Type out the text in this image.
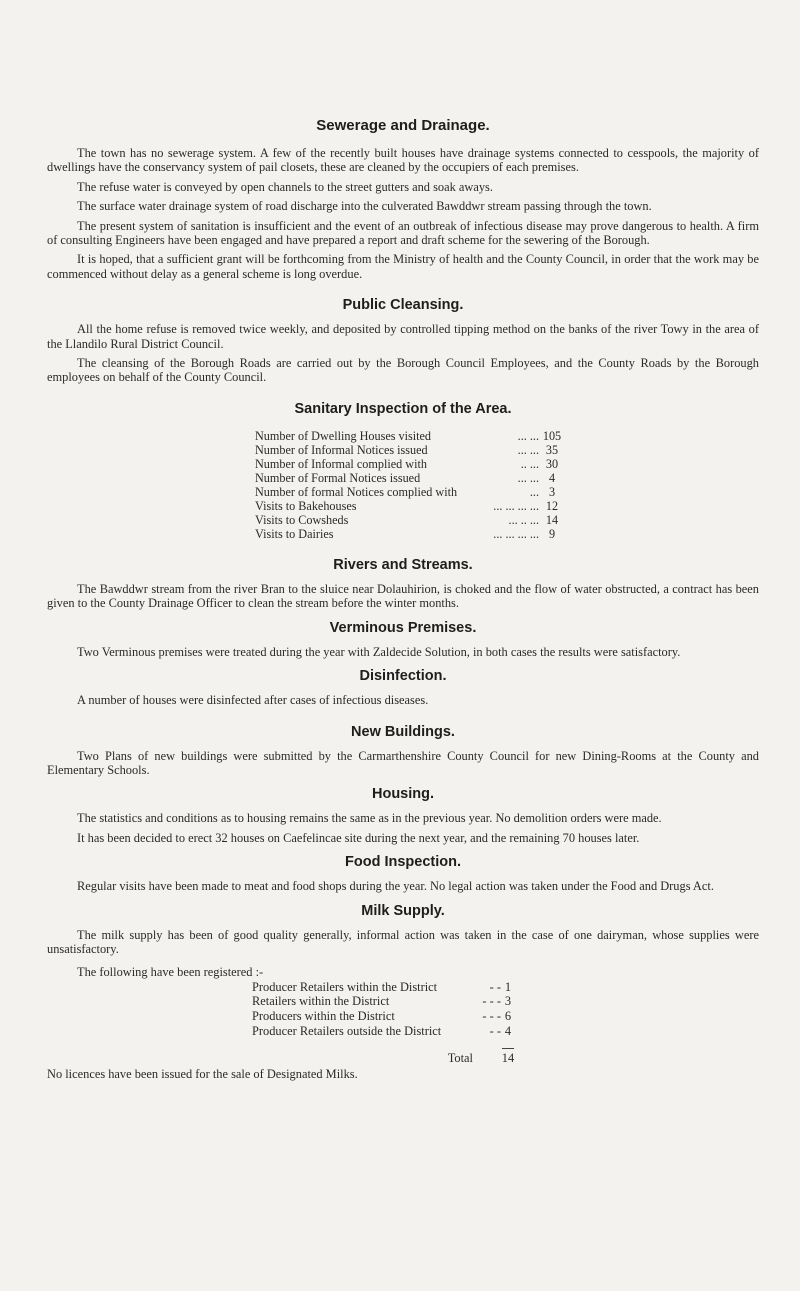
Sewerage and Drainage.

The town has no sewerage system. A few of the recently built houses have drainage systems connected to cesspools, the majority of dwellings have the conservancy system of pail closets, these are cleaned by the occupiers of each premises.

The refuse water is conveyed by open channels to the street gutters and soak aways.

The surface water drainage system of road discharge into the culverated Bawddwr stream passing through the town.

The present system of sanitation is insufficient and the event of an outbreak of infectious disease may prove dangerous to health. A firm of consulting Engineers have been engaged and have prepared a report and draft scheme for the sewering of the Borough.

It is hoped, that a sufficient grant will be forthcoming from the Ministry of health and the County Council, in order that the work may be commenced without delay as a general scheme is long overdue.

Public Cleansing.

All the home refuse is removed twice weekly, and deposited by controlled tipping method on the banks of the river Towy in the area of the Llandilo Rural District Council.

The cleansing of the Borough Roads are carried out by the Borough Council Employees, and the County Roads by the Borough employees on behalf of the County Council.

Sanitary Inspection of the Area.
Number of Dwelling Houses visited	... ... 105
Number of Informal Notices issued	... ... 35
Number of Informal complied with	.. ... 30
Number of Formal Notices issued	... ... 4
Number of formal Notices complied with	... 3
Visits to Bakehouses	... ... ... ... 12
Visits to Cowsheds	... .. ... 14
Visits to Dairies	... ... ... ... 9
Rivers and Streams.

The Bawddwr stream from the river Bran to the sluice near Dolauhirion, is choked and the flow of water obstructed, a contract has been given to the County Drainage Officer to clean the stream before the winter months.

Verminous Premises.

Two Verminous premises were treated during the year with Zaldecide Solution, in both cases the results were satisfactory.

Disinfection.

A number of houses were disinfected after cases of infectious diseases.

New Buildings.

Two Plans of new buildings were submitted by the Carmarthenshire County Council for new Dining-Rooms at the County and Elementary Schools.

Housing.

The statistics and conditions as to housing remains the same as in the previous year. No demolition orders were made.

It has been decided to erect 32 houses on Caefelincae site during the next year, and the remaining 70 houses later.

Food Inspection.

Regular visits have been made to meat and food shops during the year. No legal action was taken under the Food and Drugs Act.

Milk Supply.

The milk supply has been of good quality generally, informal action was taken in the case of one dairyman, whose supplies were unsatisfactory.

The following have been registered :-

Producer Retailers within the District	- - 1
Retailers within the District	- - - 3
Producers within the District	- - - 6
Producer Retailers outside the District	- - 4
Total	14

No licences have been issued for the sale of Designated Milks.
